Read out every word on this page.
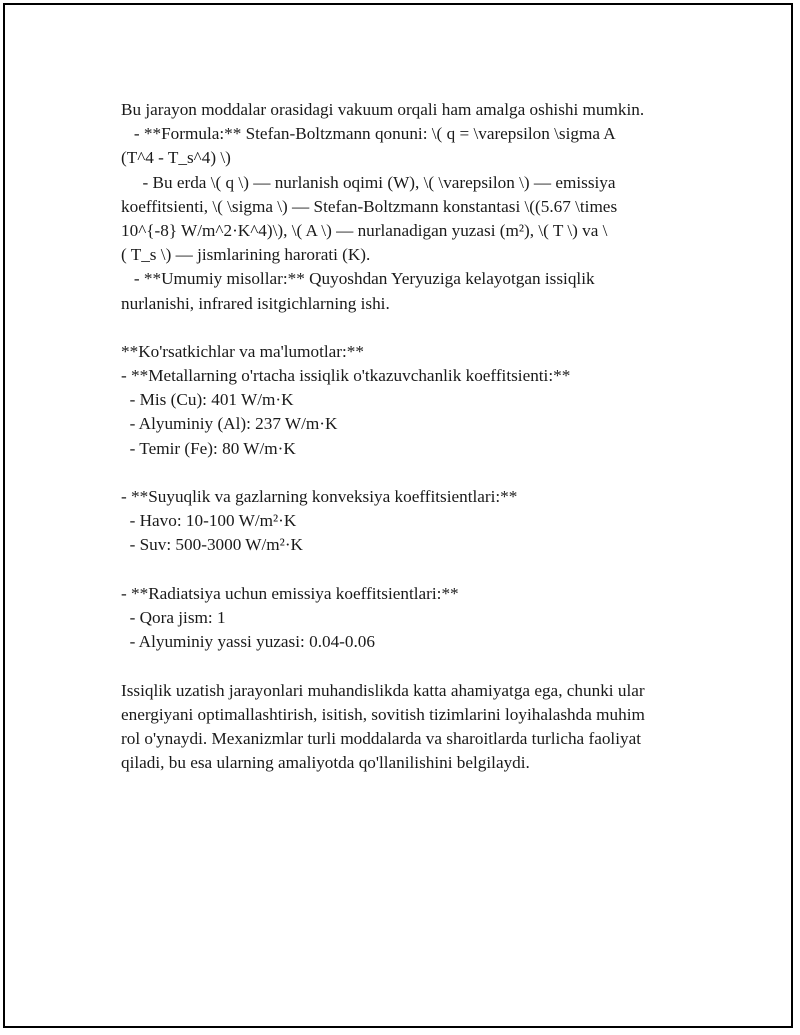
Bu jarayon moddalar orasidagi vakuum orqali ham amalga oshishi mumkin.
- **Formula:** Stefan-Boltzmann qonuni: \( q = \varepsilon \sigma A
(T^4 - T_s^4) \)
- Bu erda \( q \) — nurlanish oqimi (W), \( \varepsilon \) — emissiya
koeffitsienti, \( \sigma \) — Stefan-Boltzmann konstantasi \((5.67 \times
10^{-8} W/m^2·K^4)\), \( A \) — nurlanadigan yuzasi (m²), \( T \) va \
( T_s \) — jismlarining harorati (K).
- **Umumiy misollar:** Quyoshdan Yeryuziga kelayotgan issiqlik
nurlanishi, infrared isitgichlarning ishi.
**Ko'rsatkichlar va ma'lumotlar:**
- **Metallarning o'rtacha issiqlik o'tkazuvchanlik koeffitsienti:**
- Mis (Cu): 401 W/m·K
- Alyuminiy (Al): 237 W/m·K
- Temir (Fe): 80 W/m·K
- **Suyuqlik va gazlarning konveksiya koeffitsientlari:**
- Havo: 10-100 W/m²·K
- Suv: 500-3000 W/m²·K
- **Radiatsiya uchun emissiya koeffitsientlari:**
- Qora jism: 1
- Alyuminiy yassi yuzasi: 0.04-0.06
Issiqlik uzatish jarayonlari muhandislikda katta ahamiyatga ega, chunki ular
energiyani optimallashtirish, isitish, sovitish tizimlarini loyihalashda muhim
rol o'ynaydi. Mexanizmlar turli moddalarda va sharoitlarda turlicha faoliyat
qiladi, bu esa ularning amaliyotda qo'llanilishini belgilaydi.
